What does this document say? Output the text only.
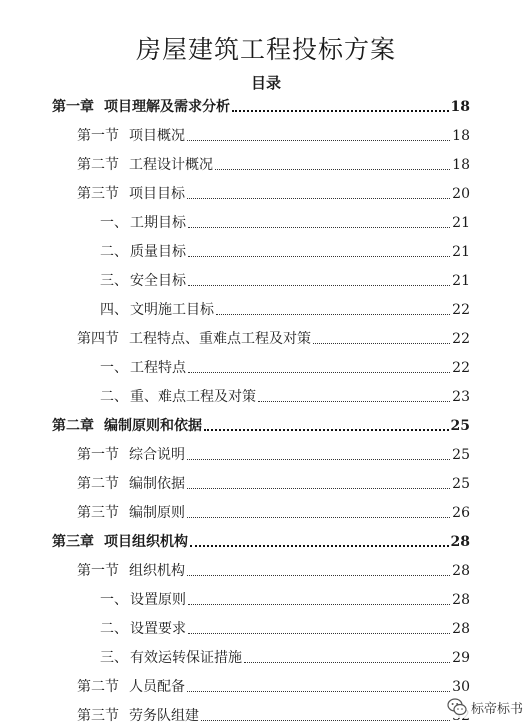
房屋建筑工程投标方案
目录
第一章 项目理解及需求分析	18
第一节 项目概况	18
第二节 工程设计概况	18
第三节 项目目标	20
一、 工期目标	21
二、 质量目标	21
三、 安全目标	21
四、 文明施工目标	22
第四节 工程特点、重难点工程及对策	22
一、 工程特点	22
二、 重、难点工程及对策	23
第二章 编制原则和依据	25
第一节 综合说明	25
第二节 编制依据	25
第三节 编制原则	26
第三章 项目组织机构	28
第一节 组织机构	28
一、 设置原则	28
二、 设置要求	28
三、 有效运转保证措施	29
第二节 人员配备	30
第三节 劳务队组建	标帝标书
